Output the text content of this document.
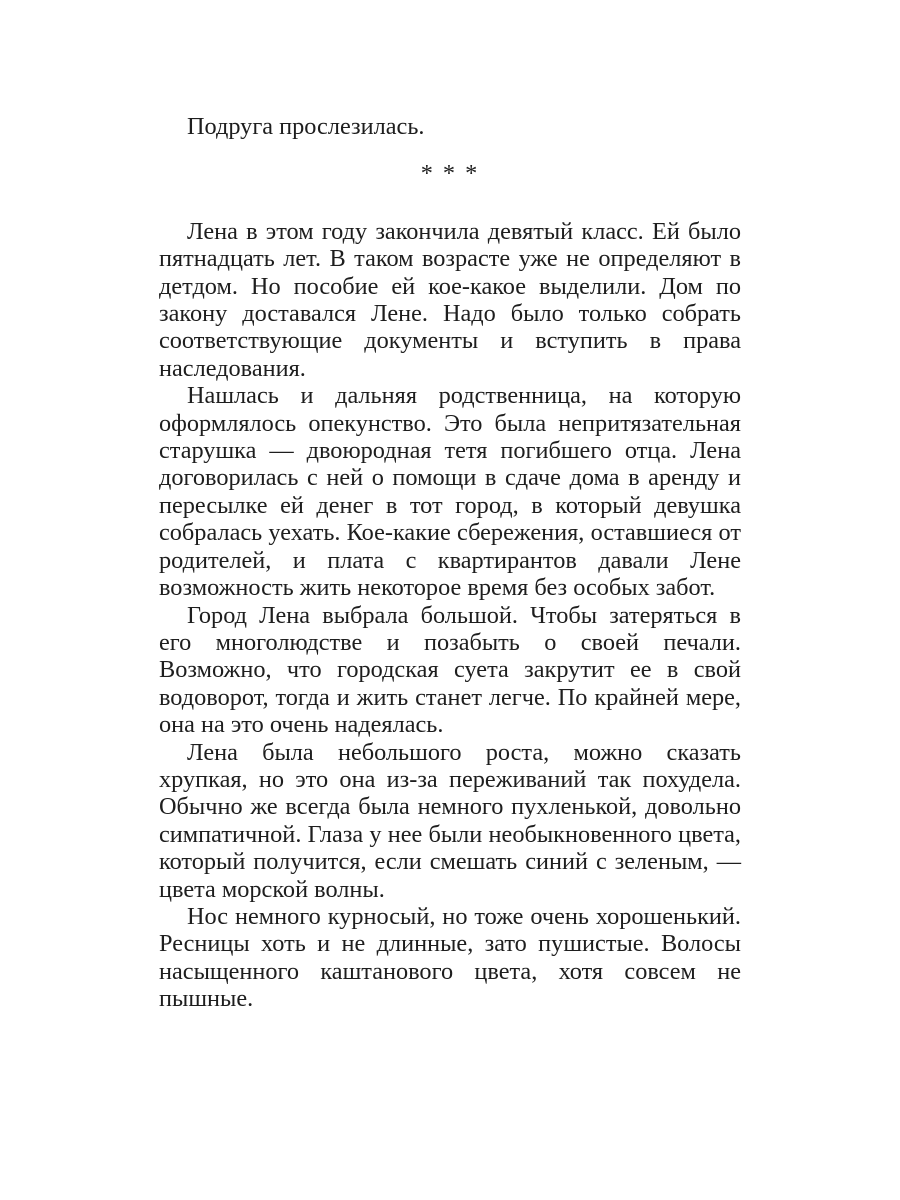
Подруга прослезилась.

* * *

Лена в этом году закончила девятый класс. Ей было пятнадцать лет. В таком возрасте уже не определяют в детдом. Но пособие ей кое-какое выделили. Дом по закону доставался Лене. Надо было только собрать соответствующие документы и вступить в права наследования.

Нашлась и дальняя родственница, на которую оформлялось опекунство. Это была непритязательная старушка — двоюродная тетя погибшего отца. Лена договорилась с ней о помощи в сдаче дома в аренду и пересылке ей денег в тот город, в который девушка собралась уехать. Кое-какие сбережения, оставшиеся от родителей, и плата с квартирантов давали Лене возможность жить некоторое время без особых забот.

Город Лена выбрала большой. Чтобы затеряться в его многолюдстве и позабыть о своей печали. Возможно, что городская суета закрутит ее в свой водоворот, тогда и жить станет легче. По крайней мере, она на это очень надеялась.

Лена была небольшого роста, можно сказать хрупкая, но это она из-за переживаний так похудела. Обычно же всегда была немного пухленькой, довольно симпатичной. Глаза у нее были необыкновенного цвета, который получится, если смешать синий с зеленым, — цвета морской волны.

Нос немного курносый, но тоже очень хорошенький. Ресницы хоть и не длинные, зато пушистые. Волосы насыщенного каштанового цвета, хотя совсем не пышные.
